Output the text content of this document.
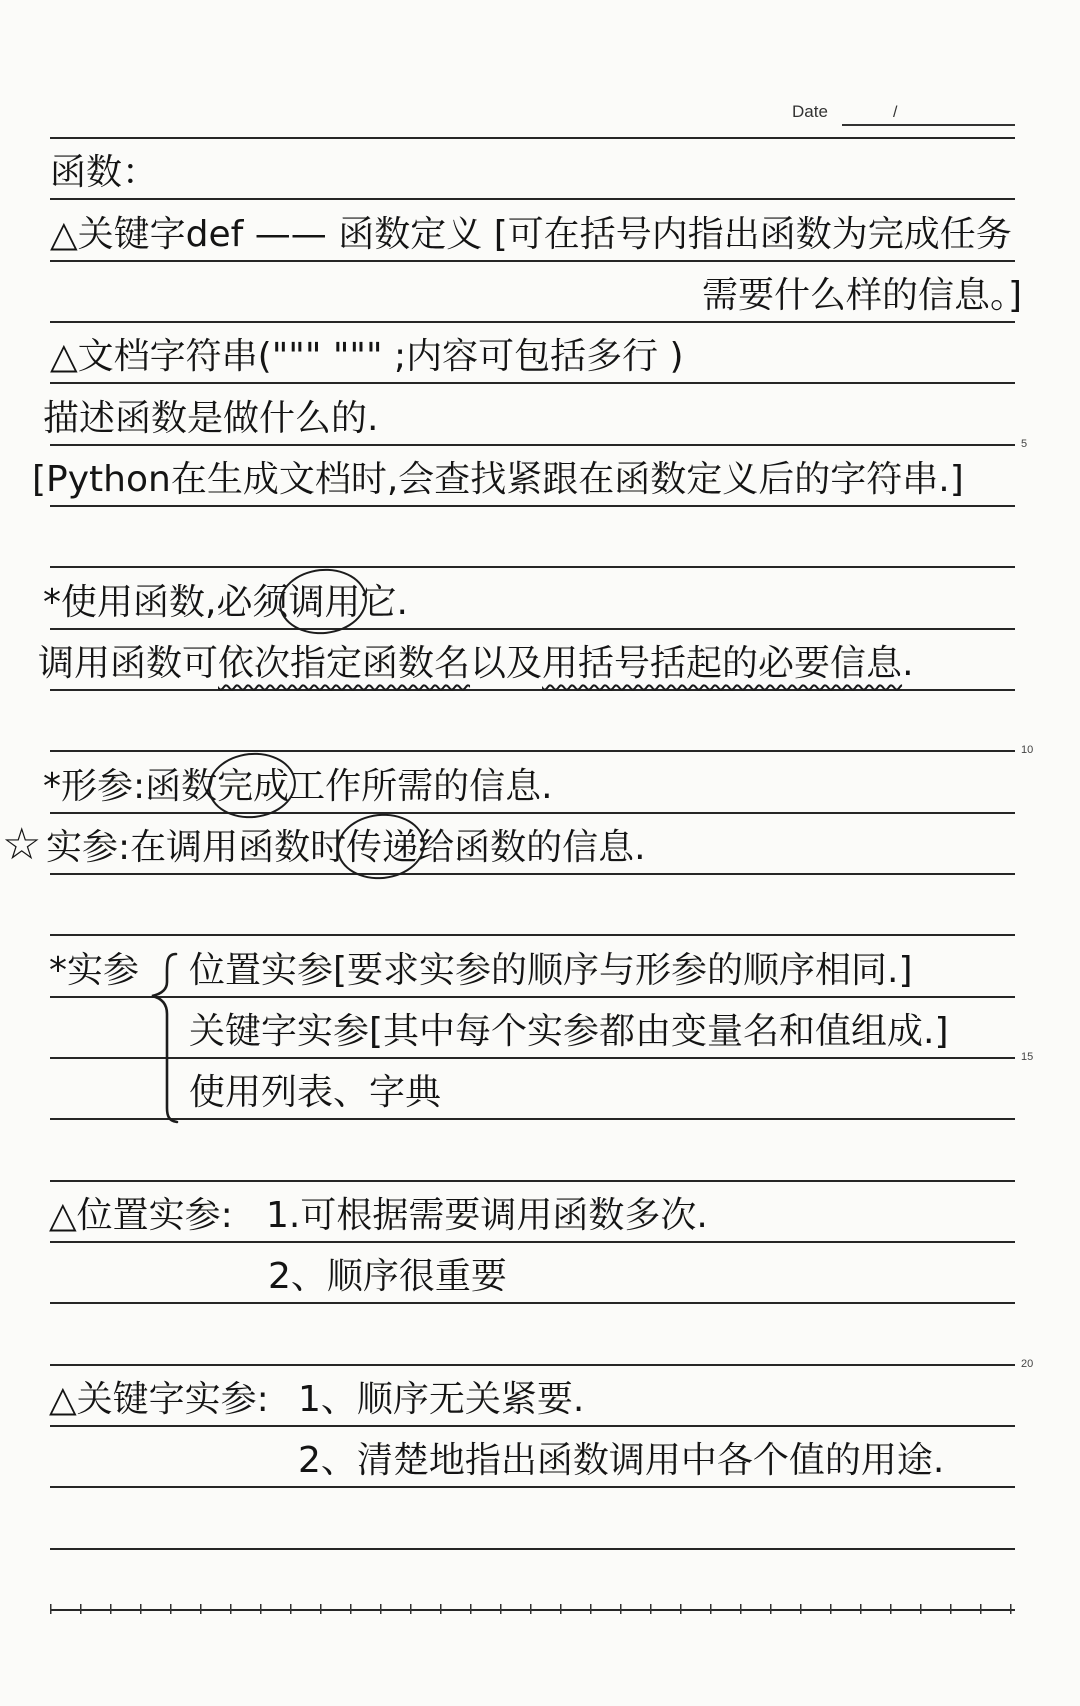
Date	/
5
10
15
20
函数：
△关键字def —— 函数定义 [可在括号内指出函数为完成任务
需要什么样的信息。]
△文档字符串(""" """ ;内容可包括多行 )
描述函数是做什么的.
[Python在生成文档时,会查找紧跟在函数定义后的字符串.]
*使用函数,必须调用它.
调用函数可依次指定函数名以及用括号括起的必要信息.
*形参:函数完成工作所需的信息.
☆ 实参:在调用函数时传递给函数的信息.
*实参 位置实参[要求实参的顺序与形参的顺序相同.]
关键字实参[其中每个实参都由变量名和值组成.]
使用列表、字典
△位置实参: 1.可根据需要调用函数多次.
2、顺序很重要
△关键字实参: 1、顺序无关紧要.
2、清楚地指出函数调用中各个值的用途.
